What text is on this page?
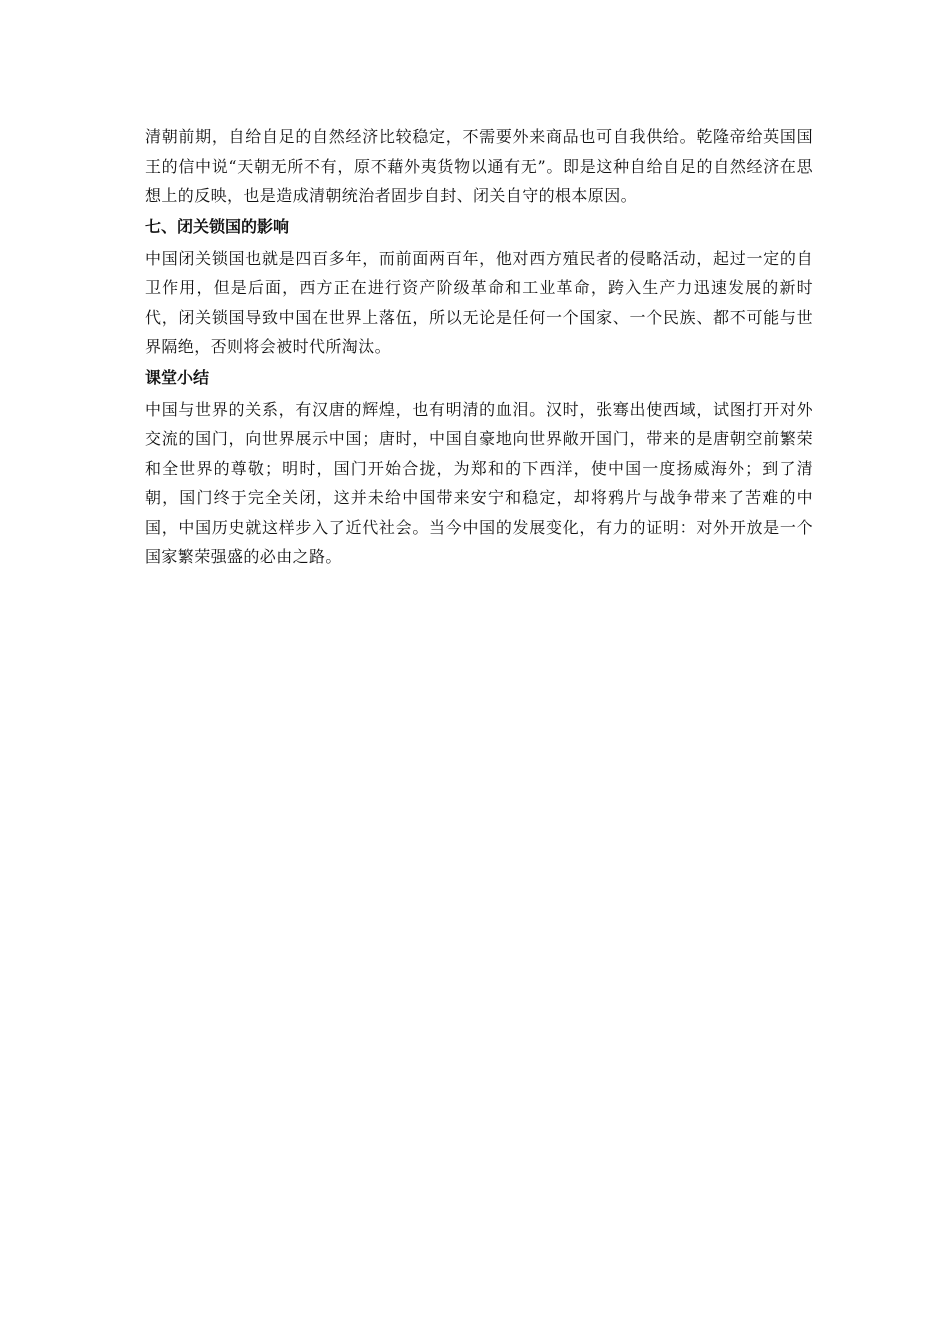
清朝前期，自给自足的自然经济比较稳定，不需要外来商品也可自我供给。乾隆帝给英国国王的信中说“天朝无所不有，原不藉外夷货物以通有无”。即是这种自给自足的自然经济在思想上的反映，也是造成清朝统治者固步自封、闭关自守的根本原因。

七、闭关锁国的影响

中国闭关锁国也就是四百多年，而前面两百年，他对西方殖民者的侵略活动，起过一定的自卫作用，但是后面，西方正在进行资产阶级革命和工业革命，跨入生产力迅速发展的新时代，闭关锁国导致中国在世界上落伍，所以无论是任何一个国家、一个民族、都不可能与世界隔绝，否则将会被时代所淘汰。

课堂小结

中国与世界的关系，有汉唐的辉煌，也有明清的血泪。汉时，张骞出使西域，试图打开对外交流的国门，向世界展示中国；唐时，中国自豪地向世界敞开国门，带来的是唐朝空前繁荣和全世界的尊敬；明时，国门开始合拢，为郑和的下西洋，使中国一度扬威海外；到了清朝，国门终于完全关闭，这并未给中国带来安宁和稳定，却将鸦片与战争带来了苦难的中国，中国历史就这样步入了近代社会。当今中国的发展变化，有力的证明：对外开放是一个国家繁荣强盛的必由之路。
